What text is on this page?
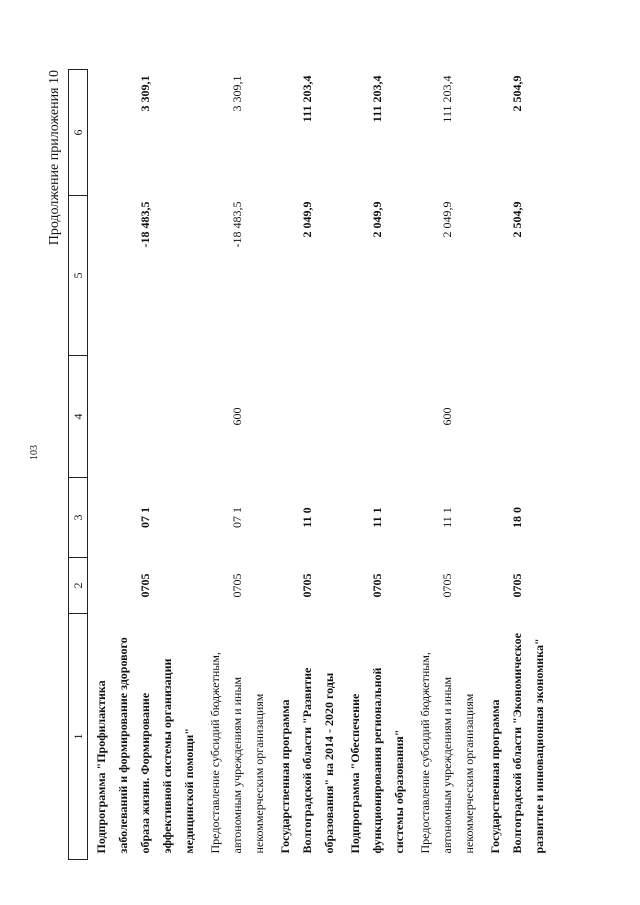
103
Продолжение приложения 10
1	2	3	4	5	6
Подпрограмма "Профилактика заболеваний и формирование здорового образа жизни. Формирование эффективной системы организации медицинской помощи"	0705	07 1		-18 483,5	3 309,1
Предоставление субсидий бюджетным, автономным учреждениям и иным некоммерческим организациям	0705	07 1	600	-18 483,5	3 309,1
Государственная программа Волгоградской области "Развитие образования" на 2014 - 2020 годы	0705	11 0		2 049,9	111 203,4
Подпрограмма "Обеспечение функционирования региональной системы образования"	0705	11 1		2 049,9	111 203,4
Предоставление субсидий бюджетным, автономным учреждениям и иным некоммерческим организациям	0705	11 1	600	2 049,9	111 203,4
Государственная программа Волгоградской области "Экономическое развитие и инновационная экономика"	0705	18 0		2 504,9	2 504,9
